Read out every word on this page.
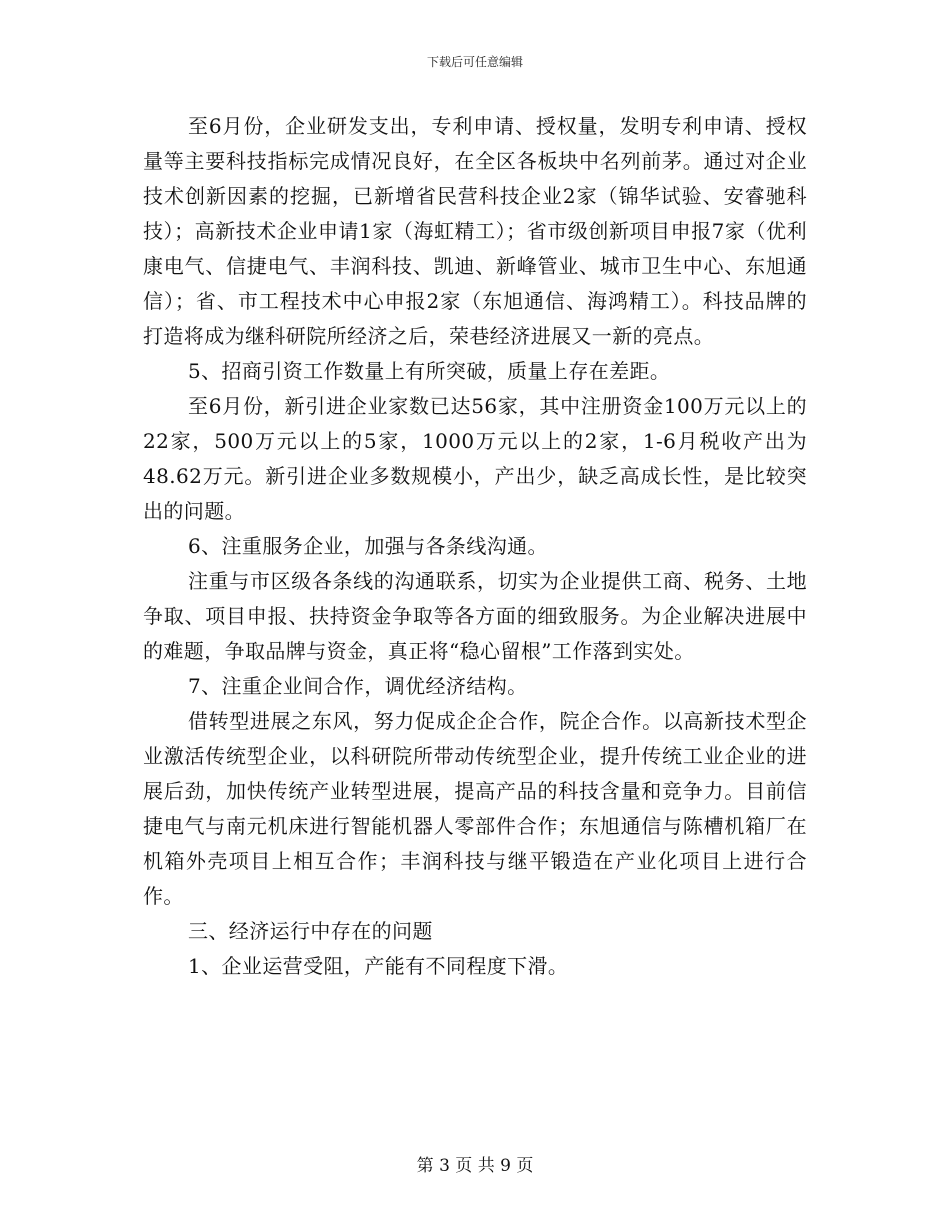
下载后可任意编辑

至6月份，企业研发支出，专利申请、授权量，发明专利申请、授权量等主要科技指标完成情况良好，在全区各板块中名列前茅。通过对企业技术创新因素的挖掘，已新增省民营科技企业2家（锦华试验、安睿驰科技）；高新技术企业申请1家（海虹精工）；省市级创新项目申报7家（优利康电气、信捷电气、丰润科技、凯迪、新峰管业、城市卫生中心、东旭通信）；省、市工程技术中心申报2家（东旭通信、海鸿精工）。科技品牌的打造将成为继科研院所经济之后，荣巷经济进展又一新的亮点。

5、招商引资工作数量上有所突破，质量上存在差距。

至6月份，新引进企业家数已达56家，其中注册资金100万元以上的22家，500万元以上的5家，1000万元以上的2家，1-6月税收产出为48.62万元。新引进企业多数规模小，产出少，缺乏高成长性，是比较突出的问题。

6、注重服务企业，加强与各条线沟通。

注重与市区级各条线的沟通联系，切实为企业提供工商、税务、土地争取、项目申报、扶持资金争取等各方面的细致服务。为企业解决进展中的难题，争取品牌与资金，真正将“稳心留根”工作落到实处。

7、注重企业间合作，调优经济结构。

借转型进展之东风，努力促成企企合作，院企合作。以高新技术型企业激活传统型企业，以科研院所带动传统型企业，提升传统工业企业的进展后劲，加快传统产业转型进展，提高产品的科技含量和竞争力。目前信捷电气与南元机床进行智能机器人零部件合作；东旭通信与陈槽机箱厂在机箱外壳项目上相互合作；丰润科技与继平锻造在产业化项目上进行合作。

三、经济运行中存在的问题

1、企业运营受阻，产能有不同程度下滑。

第 3 页 共 9 页
